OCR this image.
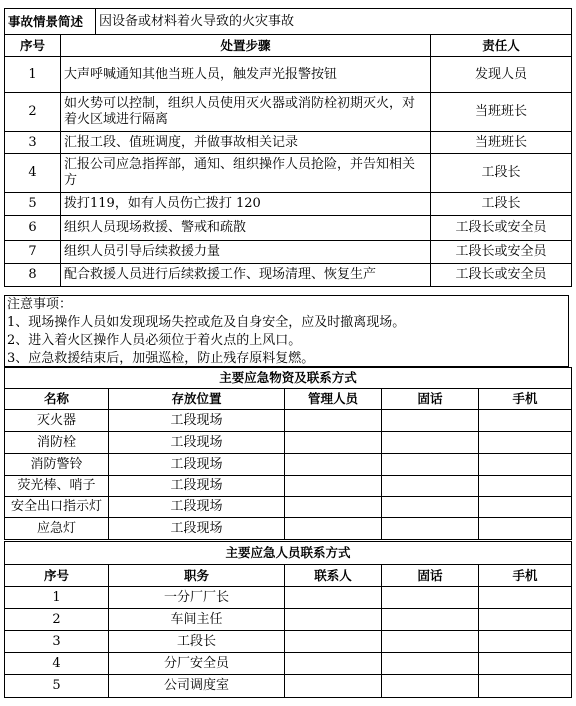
事故情景简述		因设备或材料着火导致的火灾事故	
序号	处置步骤		责任人
1	大声呼喊通知其他当班人员，触发声光报警按钮		发现人员
2	如火势可以控制，组织人员使用灭火器或消防栓初期灭火，对着火区域进行隔离		当班班长
3	汇报工段、值班调度，并做事故相关记录		当班班长
4	汇报公司应急指挥部，通知、组织操作人员抢险，并告知相关方		工段长
5	拨打119，如有人员伤亡拨打 120		工段长
6	组织人员现场救援、警戒和疏散		工段长或安全员
7	组织人员引导后续救援力量		工段长或安全员
8	配合救援人员进行后续救援工作、现场清理、恢复生产		工段长或安全员
注意事项：
1、现场操作人员如发现现场失控或危及自身安全，应及时撤离现场。
2、进入着火区操作人员必须位于着火点的上风口。
3、应急救援结束后，加强巡检，防止残存原料复燃。
主要应急物资及联系方式				
名称	存放位置	管理人员	固话	手机
灭火器	工段现场			
消防栓	工段现场			
消防警铃	工段现场			
荧光棒、哨子	工段现场			
安全出口指示灯	工段现场			
应急灯	工段现场			
主要应急人员联系方式				
序号	职务	联系人	固话	手机
1	一分厂厂长			
2	车间主任			
3	工段长			
4	分厂安全员			
5	公司调度室			
